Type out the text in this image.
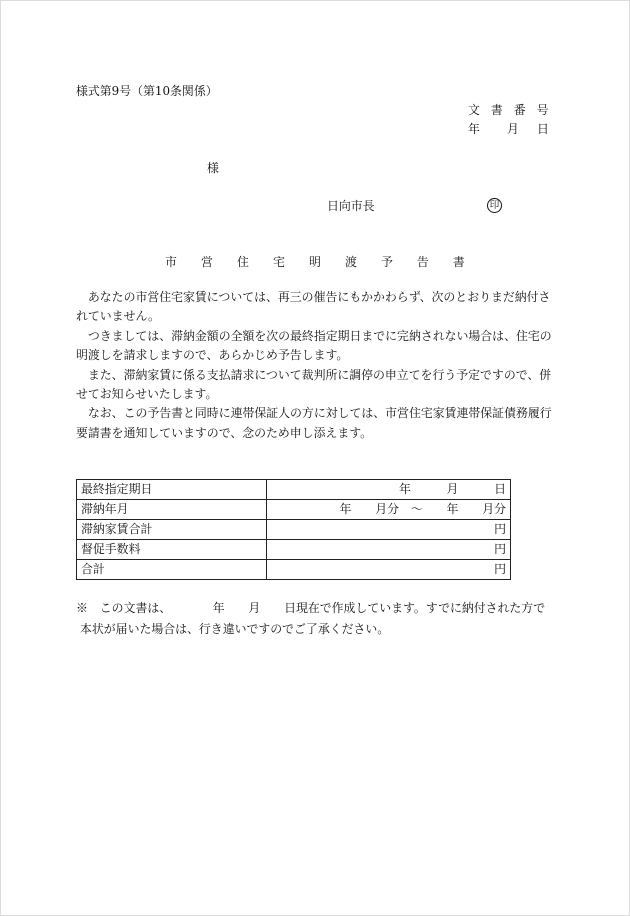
様式第9号（第10条関係）
文書番号
年 月 日
様
日向市長	印
市営住宅明渡予告書
　あなたの市営住宅家賃については、再三の催告にもかかわらず、次のとおりまだ納付さ
れていません。
　つきましては、滞納金額の全額を次の最終指定期日までに完納されない場合は、住宅の
明渡しを請求しますので、あらかじめ予告します。
　また、滞納家賃に係る支払請求について裁判所に調停の申立てを行う予定ですので、併
せてお知らせいたします。
　なお、この予告書と同時に連帯保証人の方に対しては、市営住宅家賃連帯保証債務履行
要請書を通知していますので、念のため申し添えます。
最終指定期日	年　　　月　　　日
滞納年月	年　　月分　～　　年　　月分
滞納家賃合計	円
督促手数料	円
合計	円
※　この文書は、　　　　年　　月　　日現在で作成しています。すでに納付された方で
本状が届いた場合は、行き違いですのでご了承ください。
